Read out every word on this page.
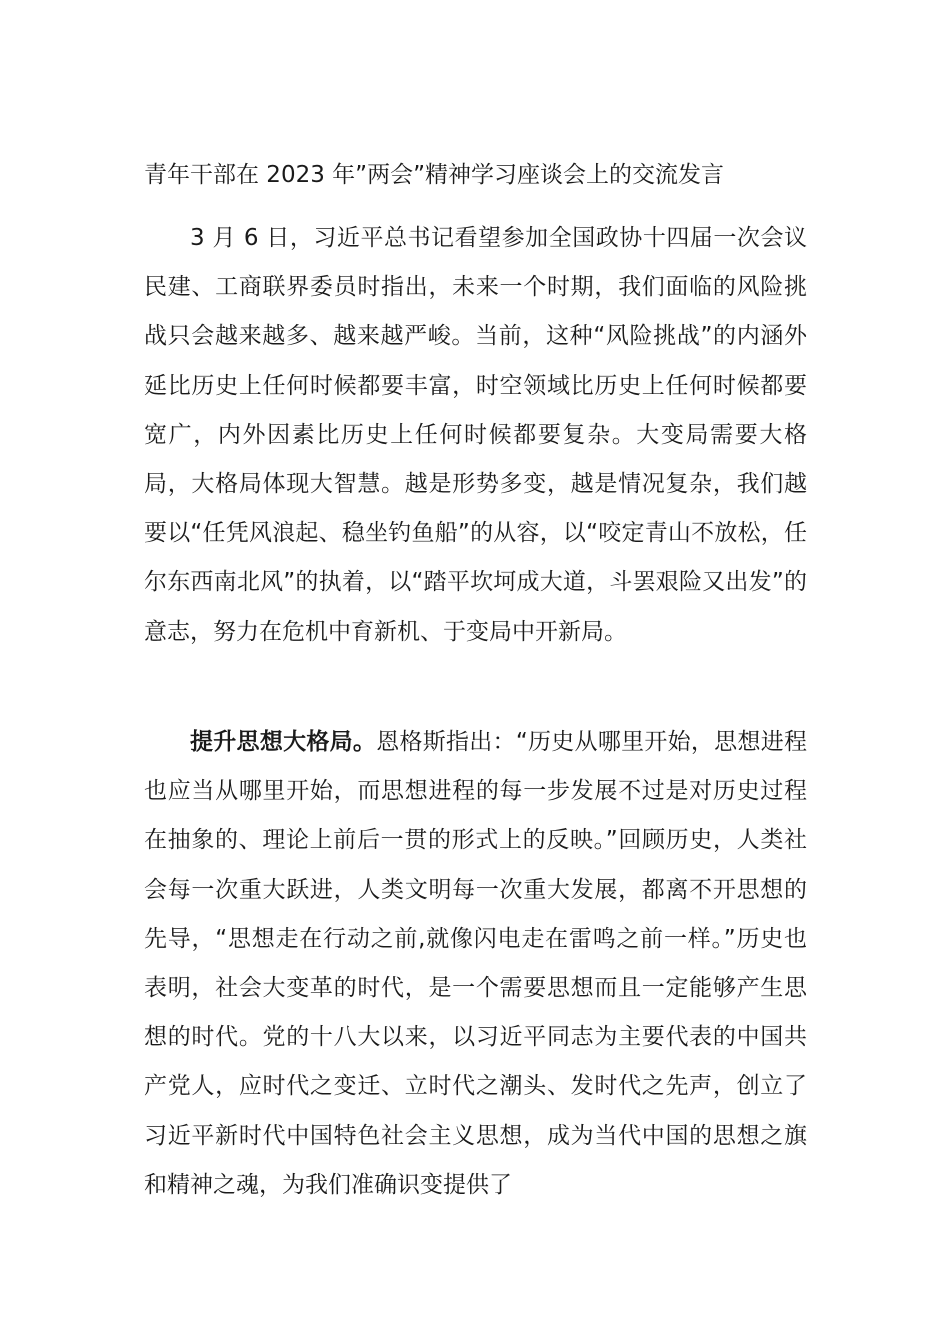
青年干部在 2023 年”两会”精神学习座谈会上的交流发言

3 月 6 日，习近平总书记看望参加全国政协十四届一次会议民建、工商联界委员时指出，未来一个时期，我们面临的风险挑战只会越来越多、越来越严峻。当前，这种“风险挑战”的内涵外延比历史上任何时候都要丰富，时空领域比历史上任何时候都要宽广，内外因素比历史上任何时候都要复杂。大变局需要大格局，大格局体现大智慧。越是形势多变，越是情况复杂，我们越要以“任凭风浪起、稳坐钓鱼船”的从容，以“咬定青山不放松，任尔东西南北风”的执着，以“踏平坎坷成大道，斗罢艰险又出发”的意志，努力在危机中育新机、于变局中开新局。

提升思想大格局。恩格斯指出：“历史从哪里开始，思想进程也应当从哪里开始，而思想进程的每一步发展不过是对历史过程在抽象的、理论上前后一贯的形式上的反映。”回顾历史，人类社会每一次重大跃进，人类文明每一次重大发展，都离不开思想的先导，“思想走在行动之前,就像闪电走在雷鸣之前一样。”历史也表明，社会大变革的时代，是一个需要思想而且一定能够产生思想的时代。党的十八大以来，以习近平同志为主要代表的中国共产党人，应时代之变迁、立时代之潮头、发时代之先声，创立了习近平新时代中国特色社会主义思想，成为当代中国的思想之旗和精神之魂，为我们准确识变提供了
